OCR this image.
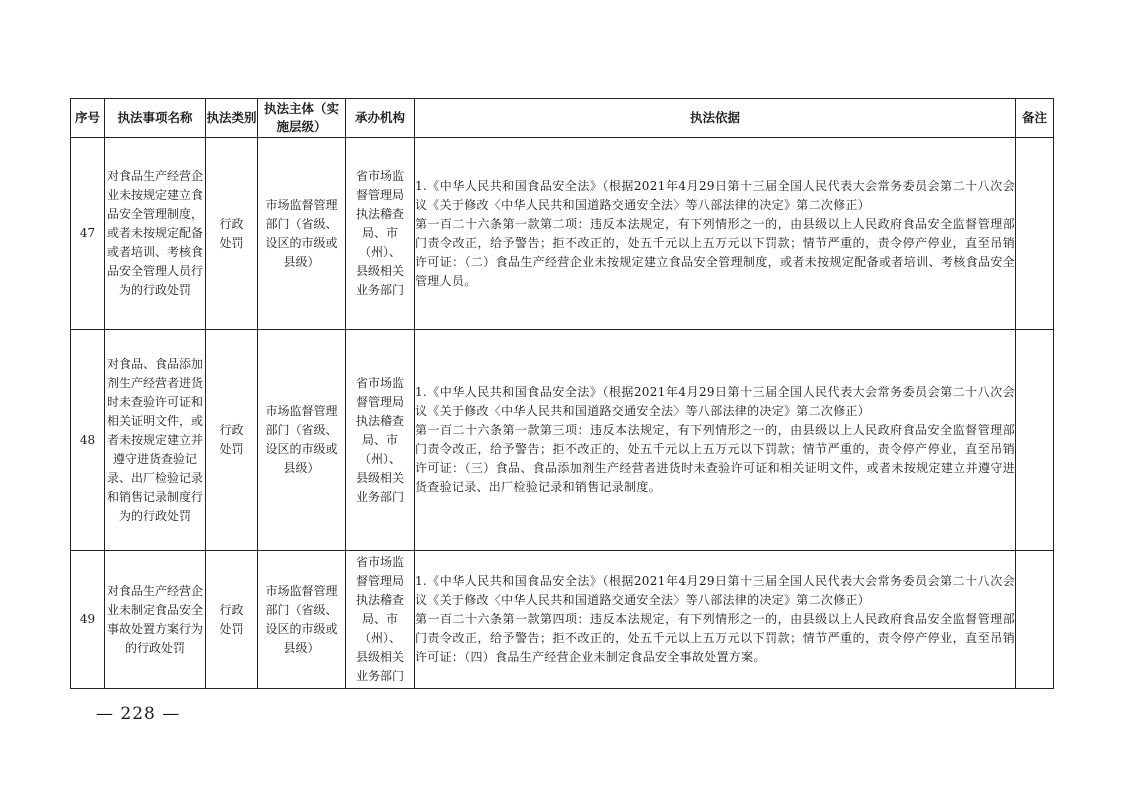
序号	执法事项名称	执法类别	执法主体（实施层级）	承办机构	执法依据	备注
47	对食品生产经营企业未按规定建立食品安全管理制度，或者未按规定配备或者培训、考核食品安全管理人员行为的行政处罚	行政处罚	市场监督管理部门（省级、设区的市级或县级）	省市场监督管理局执法稽查局、市（州）、县级相关业务部门	1.《中华人民共和国食品安全法》（根据2021年4月29日第十三届全国人民代表大会常务委员会第二十八次会议《关于修改〈中华人民共和国道路交通安全法〉等八部法律的决定》第二次修正）
第一百二十六条第一款第二项：违反本法规定，有下列情形之一的，由县级以上人民政府食品安全监督管理部门责令改正，给予警告；拒不改正的，处五千元以上五万元以下罚款；情节严重的，责令停产停业，直至吊销许可证：（二）食品生产经营企业未按规定建立食品安全管理制度，或者未按规定配备或者培训、考核食品安全管理人员。	

48	对食品、食品添加剂生产经营者进货时未查验许可证和相关证明文件，或者未按规定建立并遵守进货查验记录、出厂检验记录和销售记录制度行为的行政处罚	行政处罚	市场监督管理部门（省级、设区的市级或县级）	省市场监督管理局执法稽查局、市（州）、县级相关业务部门	1.《中华人民共和国食品安全法》（根据2021年4月29日第十三届全国人民代表大会常务委员会第二十八次会议《关于修改〈中华人民共和国道路交通安全法〉等八部法律的决定》第二次修正）
第一百二十六条第一款第三项：违反本法规定，有下列情形之一的，由县级以上人民政府食品安全监督管理部门责令改正，给予警告；拒不改正的，处五千元以上五万元以下罚款；情节严重的，责令停产停业，直至吊销许可证：（三）食品、食品添加剂生产经营者进货时未查验许可证和相关证明文件，或者未按规定建立并遵守进货查验记录、出厂检验记录和销售记录制度。	

49	对食品生产经营企业未制定食品安全事故处置方案行为的行政处罚	行政处罚	市场监督管理部门（省级、设区的市级或县级）	省市场监督管理局执法稽查局、市（州）、县级相关业务部门	1.《中华人民共和国食品安全法》（根据2021年4月29日第十三届全国人民代表大会常务委员会第二十八次会议《关于修改〈中华人民共和国道路交通安全法〉等八部法律的决定》第二次修正）
第一百二十六条第一款第四项：违反本法规定，有下列情形之一的，由县级以上人民政府食品安全监督管理部门责令改正，给予警告；拒不改正的，处五千元以上五万元以下罚款；情节严重的，责令停产停业，直至吊销许可证：（四）食品生产经营企业未制定食品安全事故处置方案。	

— 228 —
